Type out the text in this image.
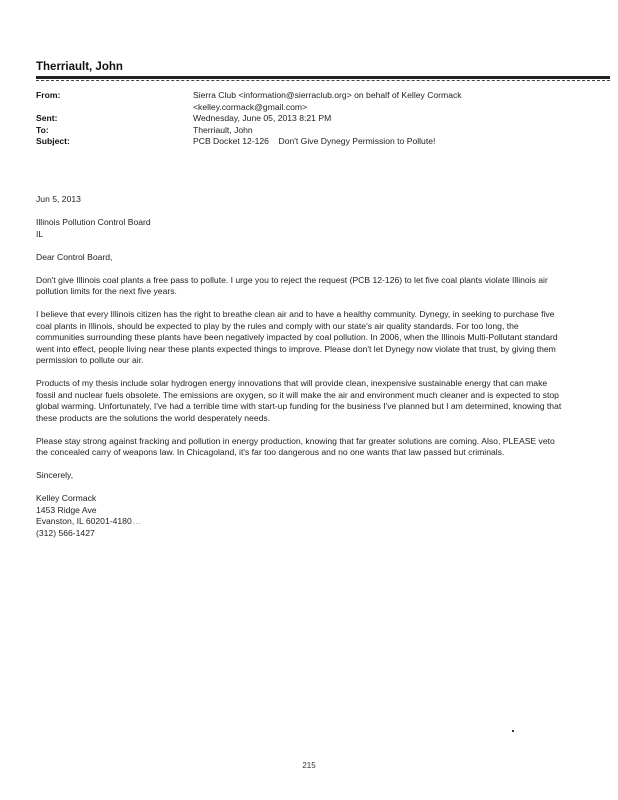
Therriault, John
From:	Sierra Club <information@sierraclub.org> on behalf of Kelley Cormack
<kelley.cormack@gmail.com>
Sent:	Wednesday, June 05, 2013 8:21 PM
To:	Therriault, John
Subject:	PCB Docket 12-126    Don't Give Dynegy Permission to Pollute!

Jun 5, 2013

Illinois Pollution Control Board

IL

Dear Control Board,

Don't give Illinois coal plants a free pass to pollute. I urge you to reject the request (PCB 12-126) to let five coal plants violate Illinois air pollution limits for the next five years.

I believe that every Illinois citizen has the right to breathe clean air and to have a healthy community. Dynegy, in seeking to purchase five coal plants in Illinois, should be expected to play by the rules and comply with our state's air quality standards. For too long, the communities surrounding these plants have been negatively impacted by coal pollution. In 2006, when the Illinois Multi-Pollutant standard went into effect, people living near these plants expected things to improve. Please don't let Dynegy now violate that trust, by giving them permission to pollute our air.

Products of my thesis include solar hydrogen energy innovations that will provide clean, inexpensive sustainable energy that can make fossil and nuclear fuels obsolete. The emissions are oxygen, so it will make the air and environment much cleaner and is expected to stop global warming. Unfortunately, I've had a terrible time with start-up funding for the business I've planned but I am determined, knowing that these products are the solutions the world desperately needs.

Please stay strong against fracking and pollution in energy production, knowing that far greater solutions are coming. Also, PLEASE veto the concealed carry of weapons law. In Chicagoland, it's far too dangerous and no one wants that law passed but criminals.

Sincerely,

Kelley Cormack

1453 Ridge Ave

Evanston, IL 60201-4180

(312) 566-1427

...
215
